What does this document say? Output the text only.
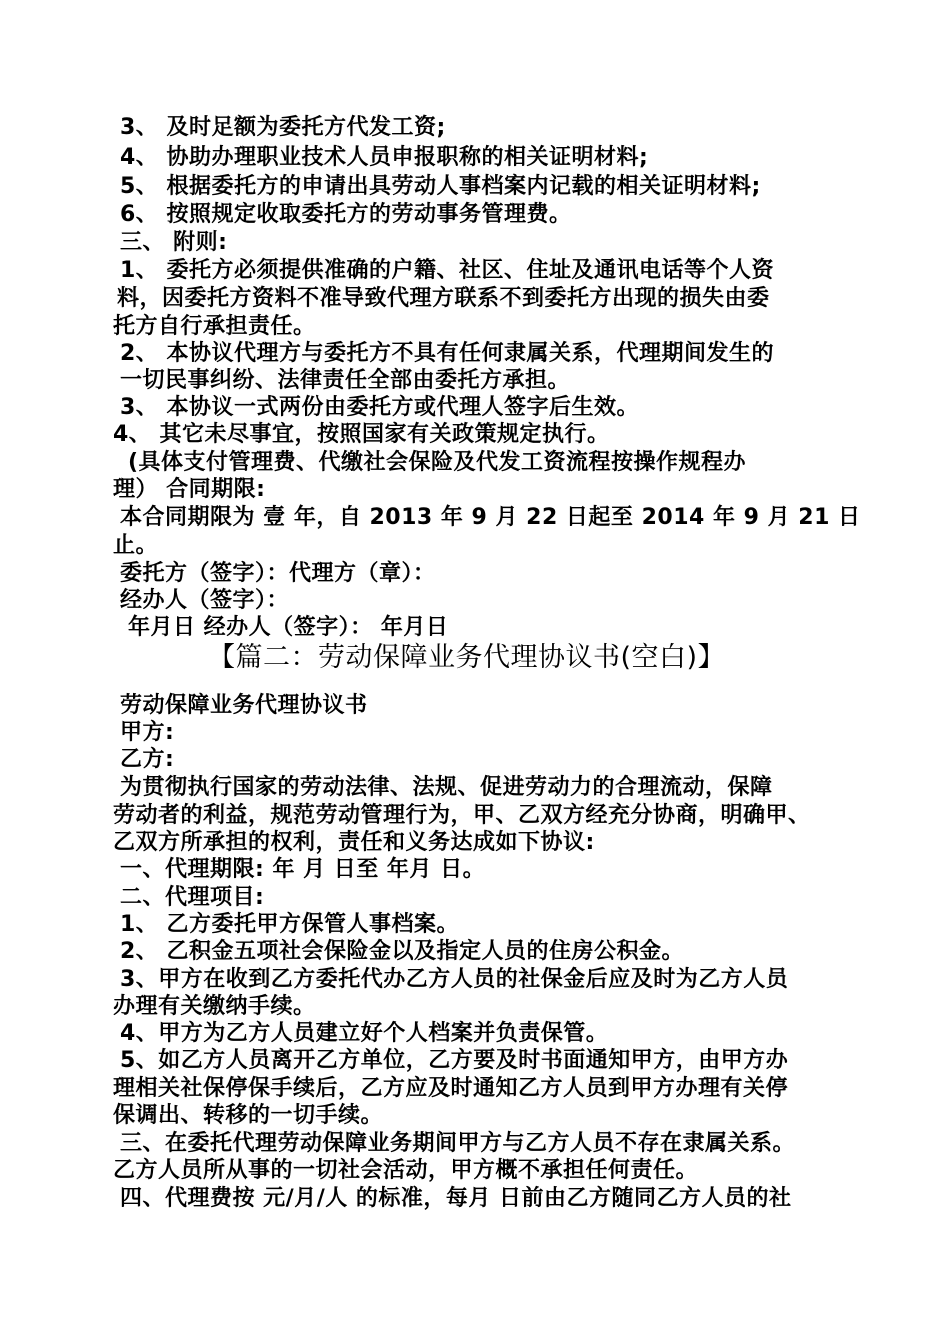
3、 及时足额为委托方代发工资;
4、 协助办理职业技术人员申报职称的相关证明材料;
5、 根据委托方的申请出具劳动人事档案内记载的相关证明材料;
6、 按照规定收取委托方的劳动事务管理费。
三、 附则:
1、 委托方必须提供准确的户籍、社区、住址及通讯电话等个人资
料，因委托方资料不准导致代理方联系不到委托方出现的损失由委
托方自行承担责任。
2、 本协议代理方与委托方不具有任何隶属关系，代理期间发生的
一切民事纠纷、法律责任全部由委托方承担。
3、 本协议一式两份由委托方或代理人签字后生效。
4、 其它未尽事宜，按照国家有关政策规定执行。
(具体支付管理费、代缴社会保险及代发工资流程按操作规程办
理） 合同期限:
本合同期限为 壹 年，自 2013 年 9 月 22 日起至 2014 年 9 月 21 日
止。
委托方（签字）：代理方（章）：
经办人（签字）：
年月日 经办人（签字）： 年月日
【篇二：劳动保障业务代理协议书(空白)】
劳动保障业务代理协议书
甲方:
乙方:
为贯彻执行国家的劳动法律、法规、促进劳动力的合理流动，保障
劳动者的利益，规范劳动管理行为，甲、乙双方经充分协商，明确甲、
乙双方所承担的权利，责任和义务达成如下协议:
一、代理期限: 年 月 日至 年月 日。
二、代理项目:
1、 乙方委托甲方保管人事档案。
2、 乙积金五项社会保险金以及指定人员的住房公积金。
3、甲方在收到乙方委托代办乙方人员的社保金后应及时为乙方人员
办理有关缴纳手续。
4、甲方为乙方人员建立好个人档案并负责保管。
5、如乙方人员离开乙方单位，乙方要及时书面通知甲方，由甲方办
理相关社保停保手续后，乙方应及时通知乙方人员到甲方办理有关停
保调出、转移的一切手续。
三、在委托代理劳动保障业务期间甲方与乙方人员不存在隶属关系。
乙方人员所从事的一切社会活动，甲方概不承担任何责任。
四、代理费按 元/月/人 的标准，每月 日前由乙方随同乙方人员的社
